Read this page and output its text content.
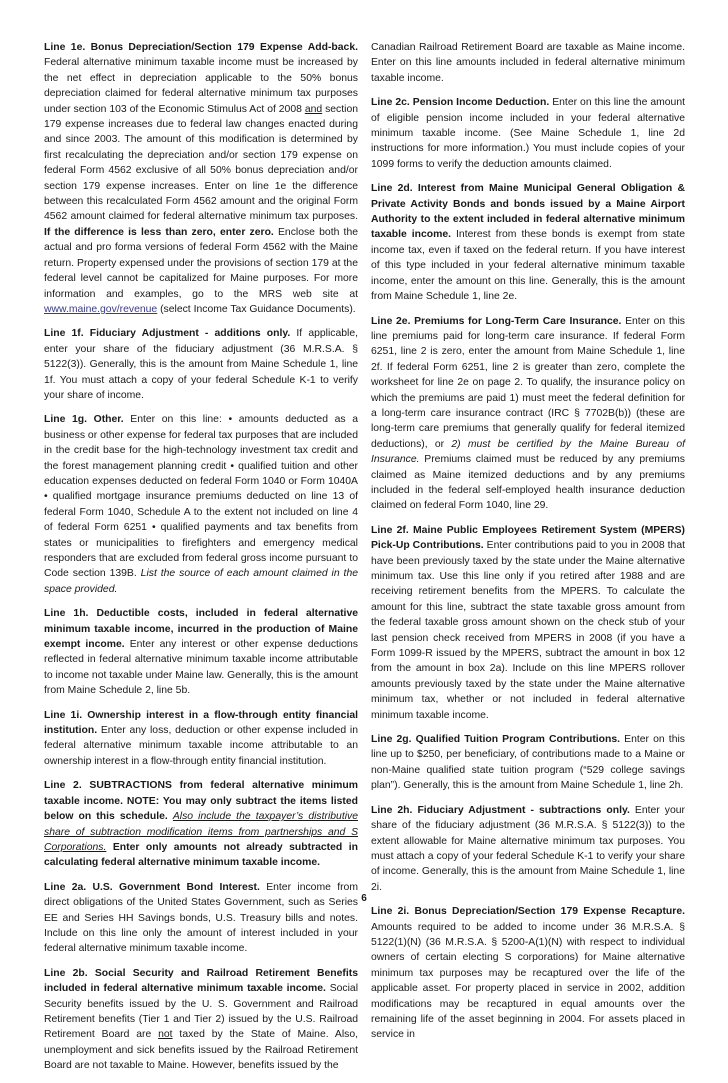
Line 1e. Bonus Depreciation/Section 179 Expense Add-back. Federal alternative minimum taxable income must be increased by the net effect in depreciation applicable to the 50% bonus depreciation claimed for federal alternative minimum tax purposes under section 103 of the Economic Stimulus Act of 2008 and section 179 expense increases due to federal law changes enacted during and since 2003. The amount of this modification is determined by first recalculating the depreciation and/or section 179 expense on federal Form 4562 exclusive of all 50% bonus depreciation and/or section 179 expense increases. Enter on line 1e the difference between this recalculated Form 4562 amount and the original Form 4562 amount claimed for federal alternative minimum tax purposes. If the difference is less than zero, enter zero. Enclose both the actual and pro forma versions of federal Form 4562 with the Maine return. Property expensed under the provisions of section 179 at the federal level cannot be capitalized for Maine purposes. For more information and examples, go to the MRS web site at www.maine.gov/revenue (select Income Tax Guidance Documents).

Line 1f. Fiduciary Adjustment - additions only. If applicable, enter your share of the fiduciary adjustment (36 M.R.S.A. § 5122(3)). Generally, this is the amount from Maine Schedule 1, line 1f. You must attach a copy of your federal Schedule K-1 to verify your share of income.

Line 1g. Other. Enter on this line: • amounts deducted as a business or other expense for federal tax purposes that are included in the credit base for the high-technology investment tax credit and the forest management planning credit • qualified tuition and other education expenses deducted on federal Form 1040 or Form 1040A • qualified mortgage insurance premiums deducted on line 13 of federal Form 1040, Schedule A to the extent not included on line 4 of federal Form 6251 • qualified payments and tax benefits from states or municipalities to firefighters and emergency medical responders that are excluded from federal gross income pursuant to Code section 139B. List the source of each amount claimed in the space provided.

Line 1h. Deductible costs, included in federal alternative minimum taxable income, incurred in the production of Maine exempt income. Enter any interest or other expense deductions reflected in federal alternative minimum taxable income attributable to income not taxable under Maine law. Generally, this is the amount from Maine Schedule 2, line 5b.

Line 1i. Ownership interest in a flow-through entity financial institution. Enter any loss, deduction or other expense included in federal alternative minimum taxable income attributable to an ownership interest in a flow-through entity financial institution.

Line 2. SUBTRACTIONS from federal alternative minimum taxable income. NOTE: You may only subtract the items listed below on this schedule. Also include the taxpayer’s distributive share of subtraction modification items from partnerships and S Corporations. Enter only amounts not already subtracted in calculating federal alternative minimum taxable income.

Line 2a. U.S. Government Bond Interest. Enter income from direct obligations of the United States Government, such as Series EE and Series HH Savings bonds, U.S. Treasury bills and notes. Include on this line only the amount of interest included in your federal alternative minimum taxable income.

Line 2b. Social Security and Railroad Retirement Benefits included in federal alternative minimum taxable income. Social Security benefits issued by the U. S. Government and Railroad Retirement benefits (Tier 1 and Tier 2) issued by the U.S. Railroad Retirement Board are not taxed by the State of Maine. Also, unemployment and sick benefits issued by the Railroad Retirement Board are not taxable to Maine. However, benefits issued by the

Canadian Railroad Retirement Board are taxable as Maine income. Enter on this line amounts included in federal alternative minimum taxable income.

Line 2c. Pension Income Deduction. Enter on this line the amount of eligible pension income included in your federal alternative minimum taxable income. (See Maine Schedule 1, line 2d instructions for more information.) You must include copies of your 1099 forms to verify the deduction amounts claimed.

Line 2d. Interest from Maine Municipal General Obligation & Private Activity Bonds and bonds issued by a Maine Airport Authority to the extent included in federal alternative minimum taxable income. Interest from these bonds is exempt from state income tax, even if taxed on the federal return. If you have interest of this type included in your federal alternative minimum taxable income, enter the amount on this line. Generally, this is the amount from Maine Schedule 1, line 2e.

Line 2e. Premiums for Long-Term Care Insurance. Enter on this line premiums paid for long-term care insurance. If federal Form 6251, line 2 is zero, enter the amount from Maine Schedule 1, line 2f. If federal Form 6251, line 2 is greater than zero, complete the worksheet for line 2e on page 2. To qualify, the insurance policy on which the premiums are paid 1) must meet the federal definition for a long-term care insurance contract (IRC § 7702B(b)) (these are long-term care premiums that generally qualify for federal itemized deductions), or 2) must be certified by the Maine Bureau of Insurance. Premiums claimed must be reduced by any premiums claimed as Maine itemized deductions and by any premiums included in the federal self-employed health insurance deduction claimed on federal Form 1040, line 29.

Line 2f. Maine Public Employees Retirement System (MPERS) Pick-Up Contributions. Enter contributions paid to you in 2008 that have been previously taxed by the state under the Maine alternative minimum tax. Use this line only if you retired after 1988 and are receiving retirement benefits from the MPERS. To calculate the amount for this line, subtract the state taxable gross amount from the federal taxable gross amount shown on the check stub of your last pension check received from MPERS in 2008 (if you have a Form 1099-R issued by the MPERS, subtract the amount in box 12 from the amount in box 2a). Include on this line MPERS rollover amounts previously taxed by the state under the Maine alternative minimum tax, whether or not included in federal alternative minimum taxable income.

Line 2g. Qualified Tuition Program Contributions. Enter on this line up to $250, per beneficiary, of contributions made to a Maine or non-Maine qualified state tuition program (“529 college savings plan”). Generally, this is the amount from Maine Schedule 1, line 2h.

Line 2h. Fiduciary Adjustment - subtractions only. Enter your share of the fiduciary adjustment (36 M.R.S.A. § 5122(3)) to the extent allowable for Maine alternative minimum tax purposes. You must attach a copy of your federal Schedule K-1 to verify your share of income. Generally, this is the amount from Maine Schedule 1, line 2i.

Line 2i. Bonus Depreciation/Section 179 Expense Recapture. Amounts required to be added to income under 36 M.R.S.A. § 5122(1)(N) (36 M.R.S.A. § 5200-A(1)(N) with respect to individual owners of certain electing S corporations) for Maine alternative minimum tax purposes may be recaptured over the life of the applicable asset. For property placed in service in 2002, addition modifications may be recaptured in equal amounts over the remaining life of the asset beginning in 2004. For assets placed in service in

6
